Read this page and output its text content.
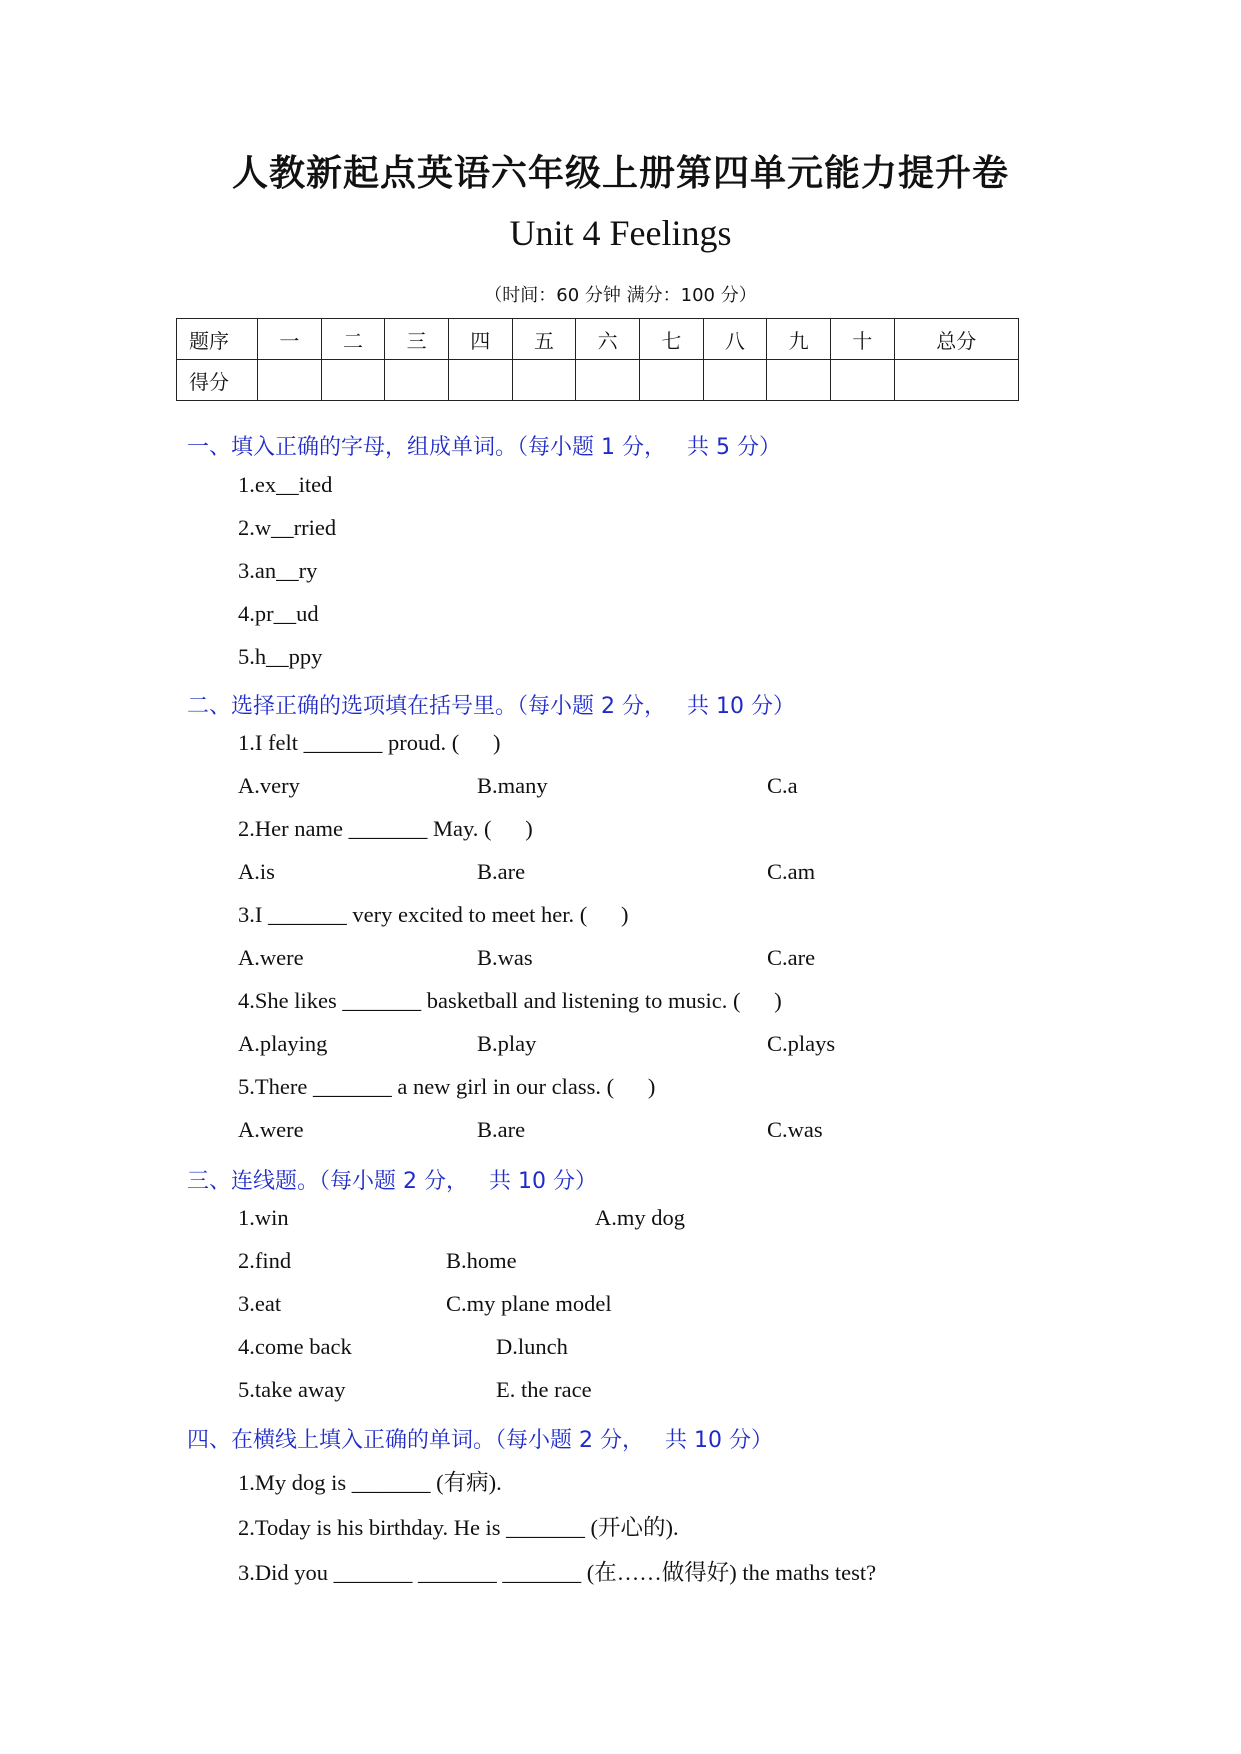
人教新起点英语六年级上册第四单元能力提升卷
Unit 4 Feelings
（时间：60 分钟 满分：100 分）
题序	一	二	三	四	五	六	七	八	九	十	总分
得分											
一、填入正确的字母，组成单词。（每小题 1 分，   共 5 分）
1.ex__ited
2.w__rried
3.an__ry
4.pr__ud
5.h__ppy
二、选择正确的选项填在括号里。（每小题 2 分，   共 10 分）
1.I felt _______ proud. (      )
A.very	B.many	C.a
2.Her name _______ May. (      )
A.is	B.are	C.am
3.I _______ very excited to meet her. (      )
A.were	B.was	C.are
4.She likes _______ basketball and listening to music. (      )
A.playing	B.play	C.plays
5.There _______ a new girl in our class. (      )
A.were	B.are	C.was
三、连线题。（每小题 2 分，   共 10 分）
1.win	A.my dog
2.find	B.home
3.eat	C.my plane model
4.come back	D.lunch
5.take away	E. the race
四、在横线上填入正确的单词。（每小题 2 分，   共 10 分）
1.My dog is _______ (有病).
2.Today is his birthday. He is _______ (开心的).
3.Did you _______ _______ _______ (在……做得好) the maths test?
